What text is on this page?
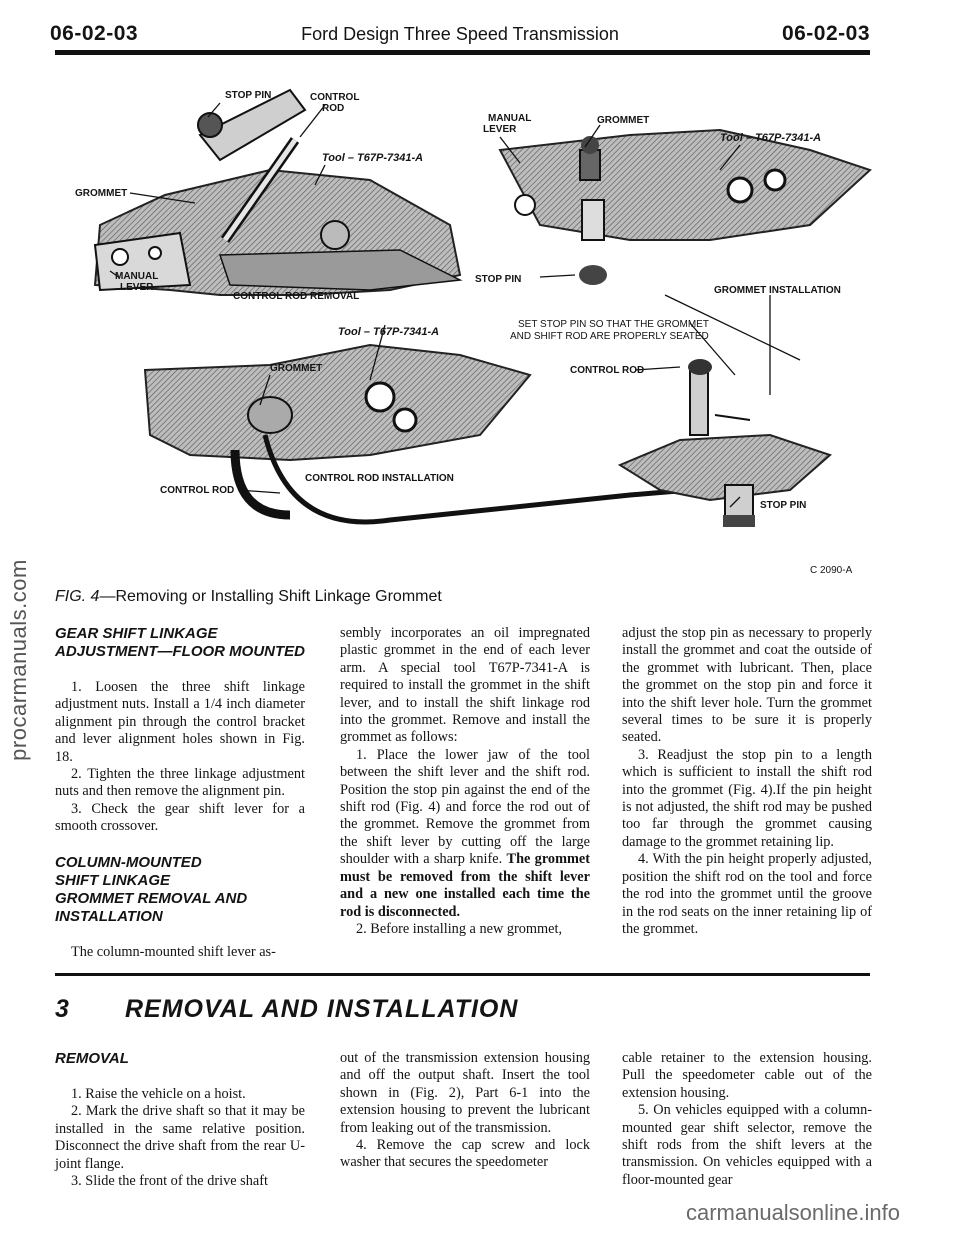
06-02-03	Ford Design Three Speed Transmission	06-02-03
procarmanuals.com
STOP PIN	CONTROL
ROD
Tool – T67P-7341-A
GROMMET
MANUAL
LEVER
CONTROL ROD REMOVAL
MANUAL
LEVER
GROMMET
Tool – T67P-7341-A
STOP PIN
GROMMET INSTALLATION
SET STOP PIN SO THAT THE GROMMET
AND SHIFT ROD ARE PROPERLY SEATED
Tool – T67P-7341-A
GROMMET	CONTROL ROD
CONTROL ROD INSTALLATION
CONTROL ROD
STOP PIN
C 2090-A
FIG. 4—Removing or Installing Shift Linkage Grommet
GEAR SHIFT LINKAGE
ADJUSTMENT—FLOOR MOUNTED

1. Loosen the three shift linkage adjustment nuts. Install a 1/4 inch diameter alignment pin through the control bracket and lever alignment holes shown in Fig. 18.

2. Tighten the three linkage adjustment nuts and then remove the alignment pin.

3. Check the gear shift lever for a smooth crossover.

COLUMN-MOUNTED
SHIFT LINKAGE
GROMMET REMOVAL AND
INSTALLATION

The column-mounted shift lever as-

sembly incorporates an oil impregnated plastic grommet in the end of each lever arm. A special tool T67P-7341-A is required to install the grommet in the shift lever, and to install the shift linkage rod into the grommet. Remove and install the grommet as follows:

1. Place the lower jaw of the tool between the shift lever and the shift rod. Position the stop pin against the end of the shift rod (Fig. 4) and force the rod out of the grommet. Remove the grommet from the shift lever by cutting off the large shoulder with a sharp knife. The grommet must be removed from the shift lever and a new one installed each time the rod is disconnected.

2. Before installing a new grommet,

adjust the stop pin as necessary to properly install the grommet and coat the outside of the grommet with lubricant. Then, place the grommet on the stop pin and force it into the shift lever hole. Turn the grommet several times to be sure it is properly seated.

3. Readjust the stop pin to a length which is sufficient to install the shift rod into the grommet (Fig. 4).If the pin height is not adjusted, the shift rod may be pushed too far through the grommet causing damage to the grommet retaining lip.

4. With the pin height properly adjusted, position the shift rod on the tool and force the rod into the grommet until the groove in the rod seats on the inner retaining lip of the grommet.

3 REMOVAL AND INSTALLATION
REMOVAL

1. Raise the vehicle on a hoist.

2. Mark the drive shaft so that it may be installed in the same relative position. Disconnect the drive shaft from the rear U-joint flange.

3. Slide the front of the drive shaft

out of the transmission extension housing and off the output shaft. Insert the tool shown in (Fig. 2), Part 6-1 into the extension housing to prevent the lubricant from leaking out of the transmission.

4. Remove the cap screw and lock washer that secures the speedometer

cable retainer to the extension housing. Pull the speedometer cable out of the extension housing.

5. On vehicles equipped with a column-mounted gear shift selector, remove the shift rods from the shift levers at the transmission. On vehicles equipped with a floor-mounted gear

carmanualsonline.info
